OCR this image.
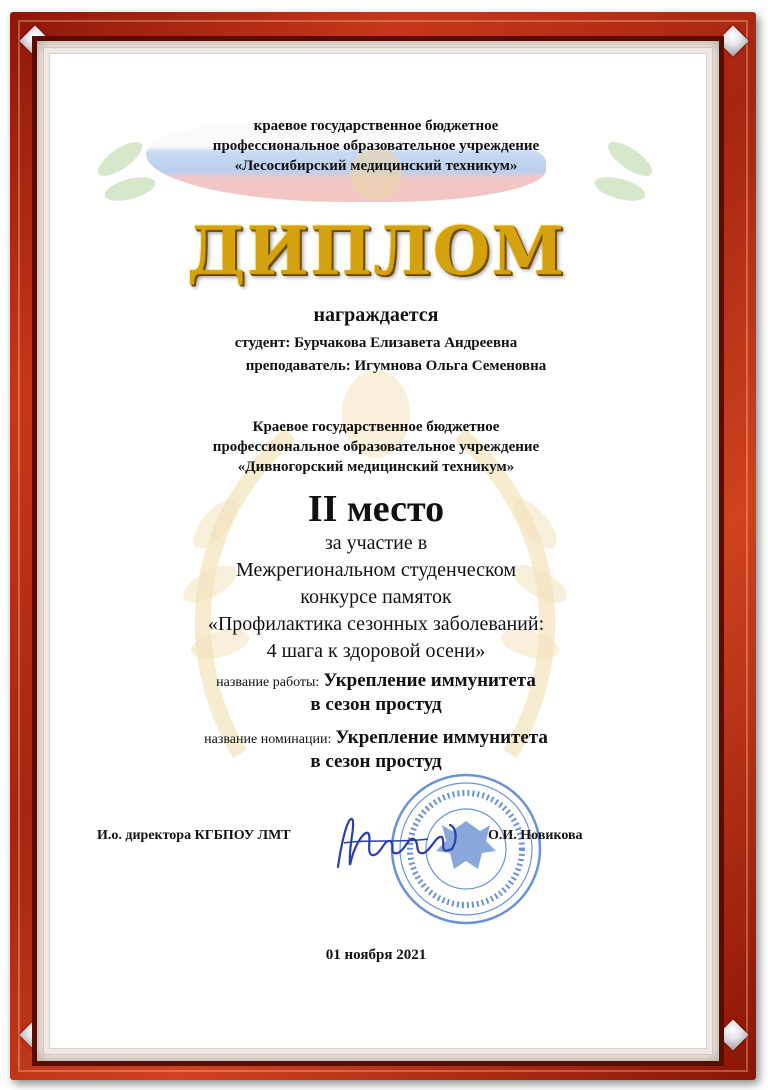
краевое государственное бюджетное
профессиональное образовательное учреждение
«Лесосибирский медицинский техникум»
ДИПЛОМ
награждается
студент: Бурчакова Елизавета Андреевна
преподаватель: Игумнова Ольга Семеновна
Краевое государственное бюджетное
профессиональное образовательное учреждение
«Дивногорский медицинский техникум»
II место
за участие в
Межрегиональном студенческом
конкурсе памяток
«Профилактика сезонных заболеваний:
4 шага к здоровой осени»
название работы: Укрепление иммунитета
в сезон простуд
название номинации: Укрепление иммунитета
в сезон простуд
И.о. директора КГБПОУ ЛМТ	О.И. Новикова
01 ноября 2021
